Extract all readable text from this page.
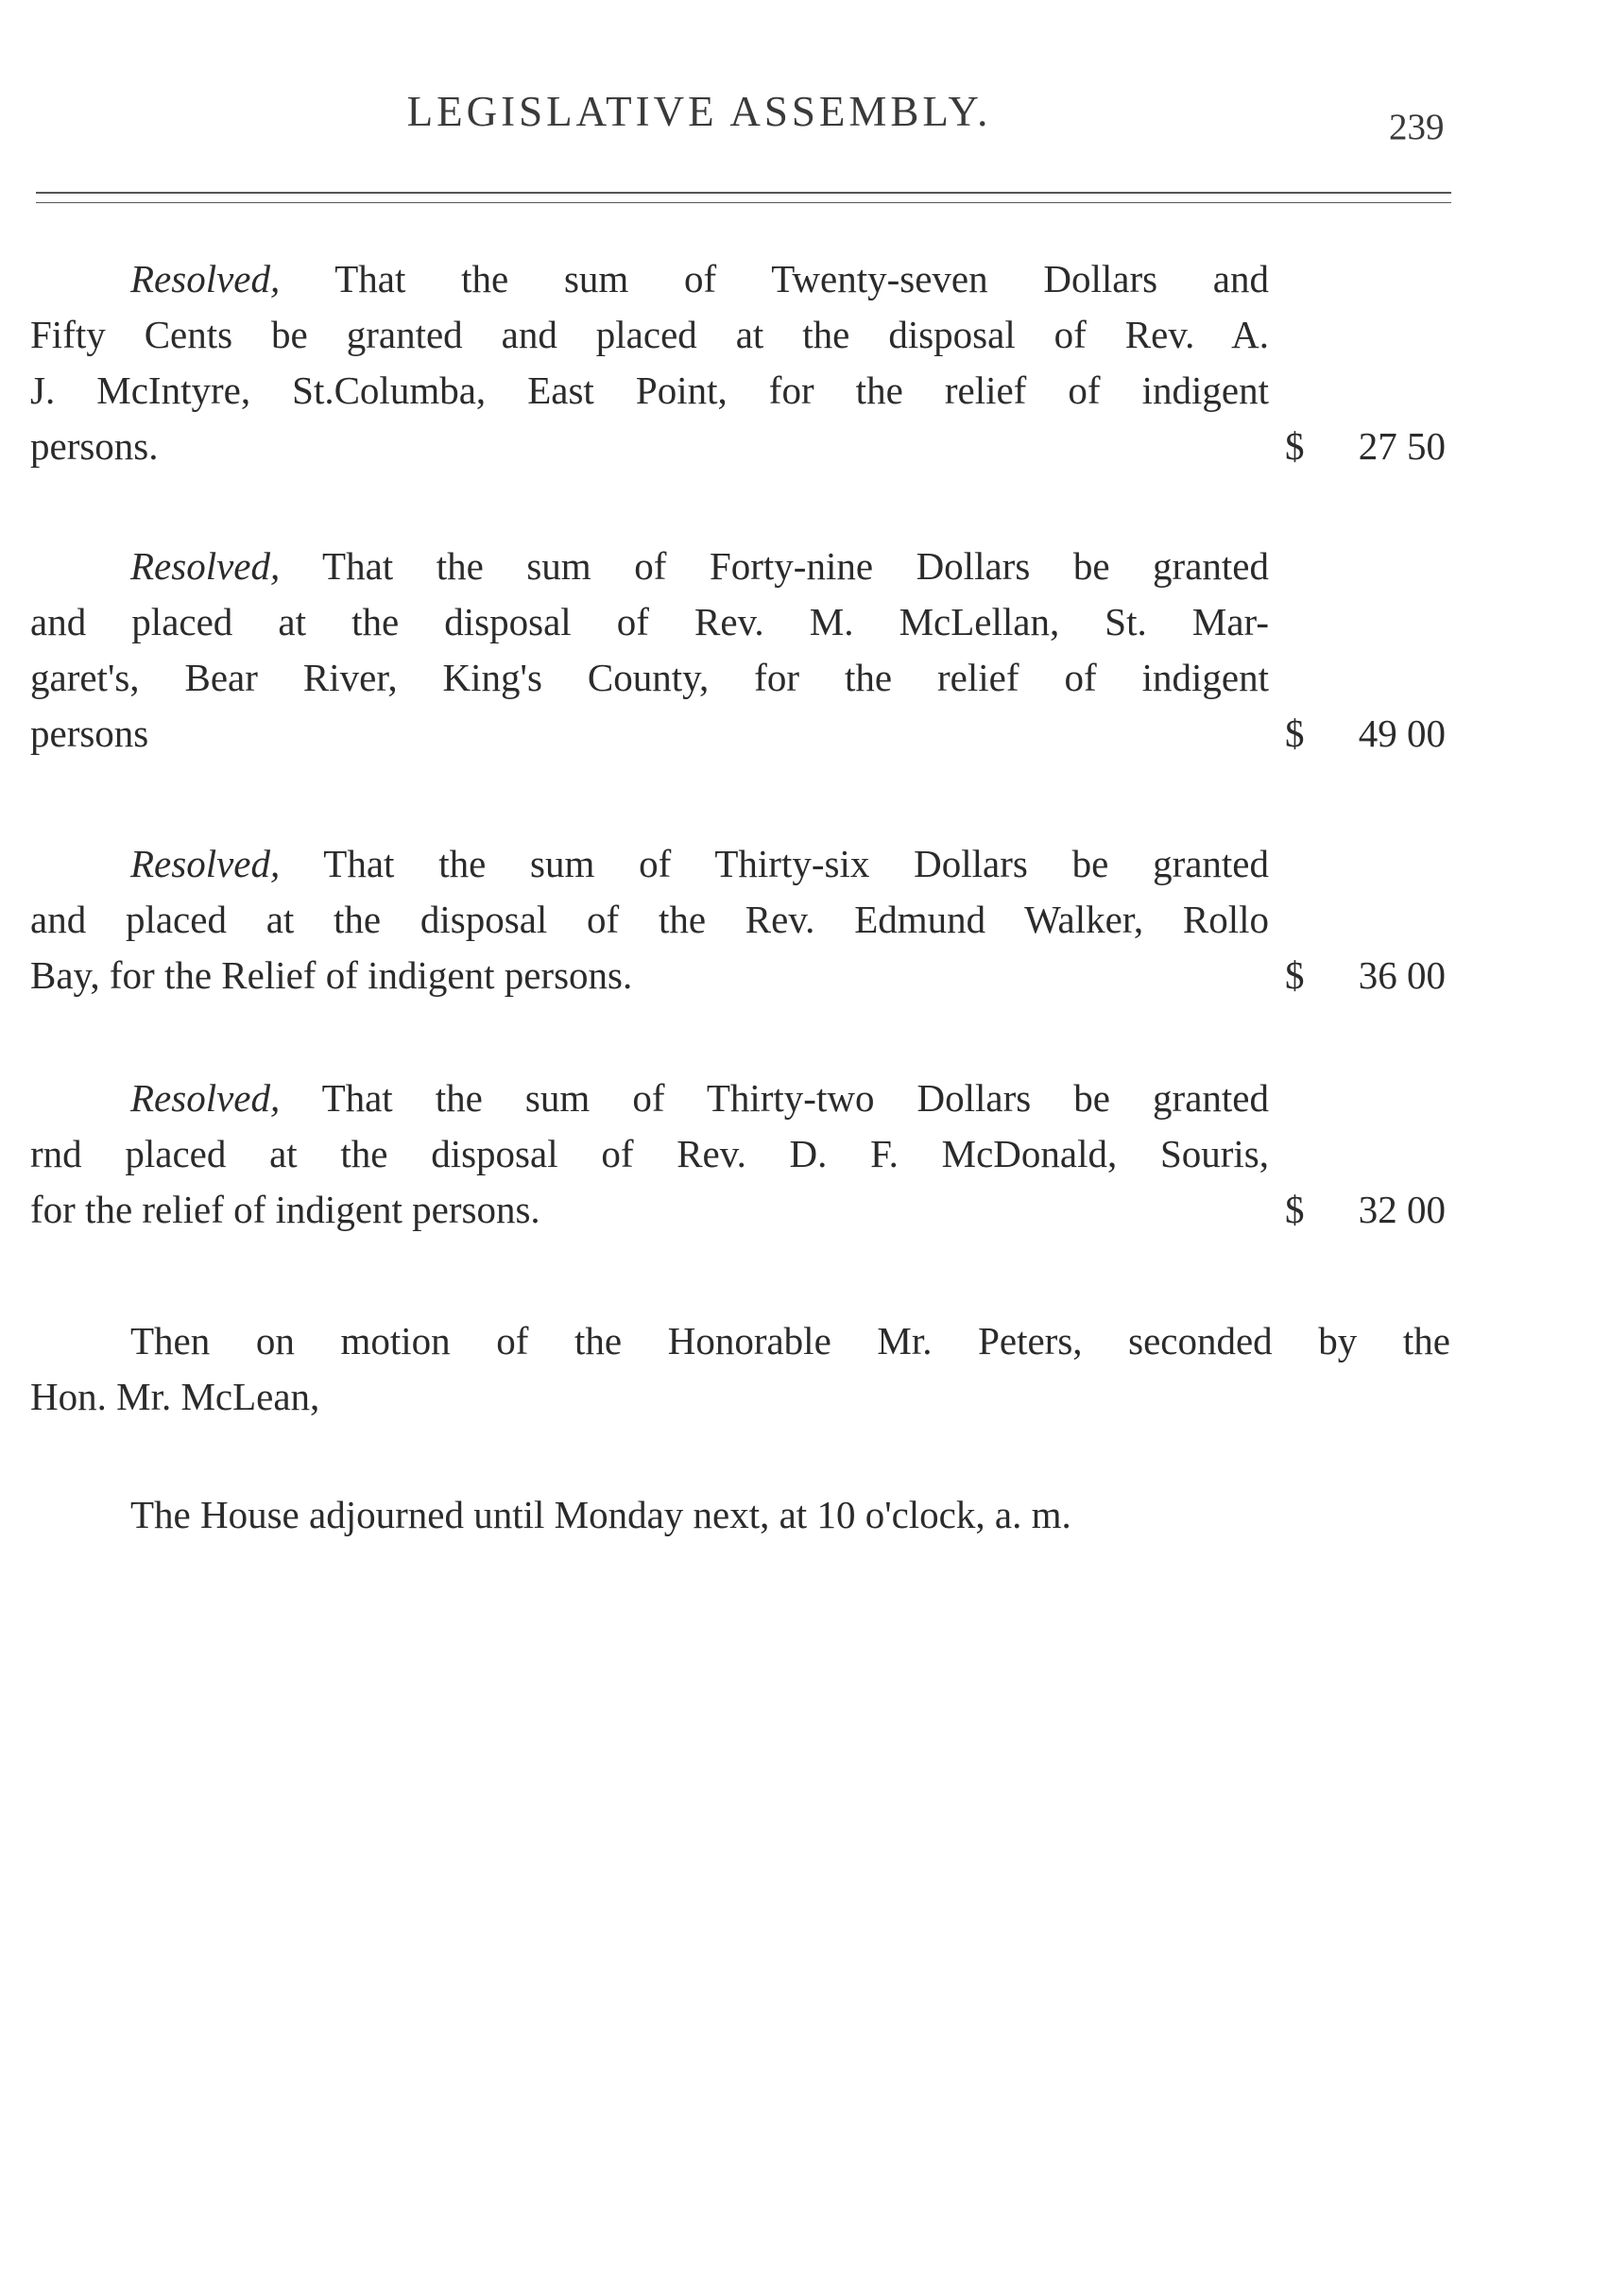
LEGISLATIVE ASSEMBLY.	239

Resolved, That the sum of Twenty-seven Dollars and

Fifty Cents be granted and placed at the disposal of Rev. A.

J. McIntyre, St.Columba, East Point, for the relief of indigent

persons.	$ 27 50

Resolved, That the sum of Forty-nine Dollars be granted

and placed at the disposal of Rev. M. McLellan, St. Mar-

garet's, Bear River, King's County, for the relief of indigent

persons	$ 49 00

Resolved, That the sum of Thirty-six Dollars be granted

and placed at the disposal of the Rev. Edmund Walker, Rollo

Bay, for the Relief of indigent persons.	$ 36 00

Resolved, That the sum of Thirty-two Dollars be granted

rnd placed at the disposal of Rev. D. F. McDonald, Souris,

for the relief of indigent persons.	$ 32 00

Then on motion of the Honorable Mr. Peters, seconded by the

Hon. Mr. McLean,

The House adjourned until Monday next, at 10 o'clock, a. m.
